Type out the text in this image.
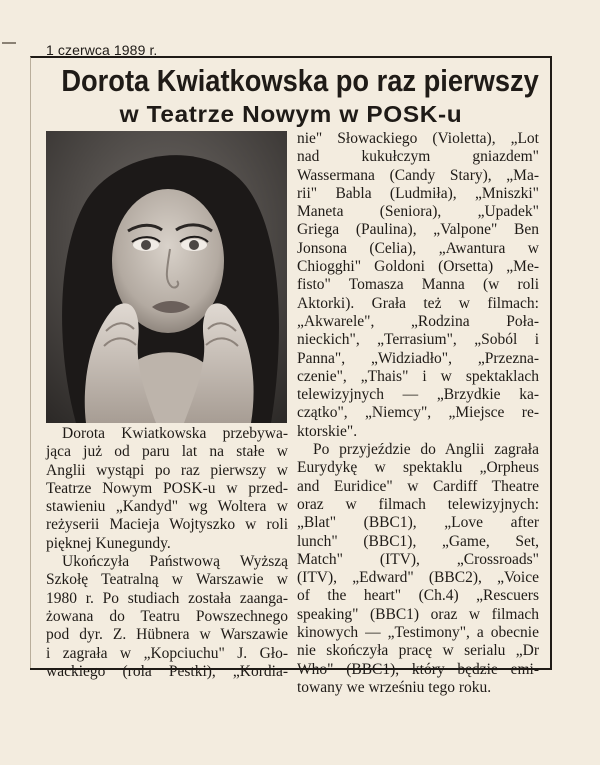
1 czerwca 1989 r.
Dorota Kwiatkowska po raz pierwszy
w Teatrze Nowym w POSK-u
Dorota Kwiatkowska przebywa-
jąca już od paru lat na stałe w
Anglii wystąpi po raz pierwszy w
Teatrze Nowym POSK-u w przed-
stawieniu „Kandyd" wg Woltera w
reżyserii Macieja Wojtyszko w roli
pięknej Kunegundy.
Ukończyła Państwową Wyższą
Szkołę Teatralną w Warszawie w
1980 r. Po studiach została zaanga-
żowana do Teatru Powszechnego
pod dyr. Z. Hübnera w Warszawie
i zagrała w „Kopciuchu" J. Gło-
wackiego (rola Pestki), „Kordia-
nie" Słowackiego (Violetta), „Lot
nad kukułczym gniazdem"
Wassermana (Candy Stary), „Ma-
rii" Babla (Ludmiła), „Mniszki"
Maneta (Seniora), „Upadek"
Griega (Paulina), „Valpone" Ben
Jonsona (Celia), „Awantura w
Chiogghi" Goldoni (Orsetta) „Me-
fisto" Tomasza Manna (w roli
Aktorki). Grała też w filmach:
„Akwarele", „Rodzina Poła-
nieckich", „Terrasium", „Soból i
Panna", „Widziadło", „Przezna-
czenie", „Thais" i w spektaklach
telewizyjnych — „Brzydkie ka-
czątko", „Niemcy", „Miejsce re-
ktorskie".
Po przyjeździe do Anglii zagrała
Eurydykę w spektaklu „Orpheus
and Euridice" w Cardiff Theatre
oraz w filmach telewizyjnych:
„Blat" (BBC1), „Love after
lunch" (BBC1), „Game, Set,
Match" (ITV), „Crossroads"
(ITV), „Edward" (BBC2), „Voice
of the heart" (Ch.4) „Rescuers
speaking" (BBC1) oraz w filmach
kinowych — „Testimony", a obecnie
nie skończyła pracę w serialu „Dr
Who" (BBC1), który będzie emi-
towany we wrześniu tego roku.
